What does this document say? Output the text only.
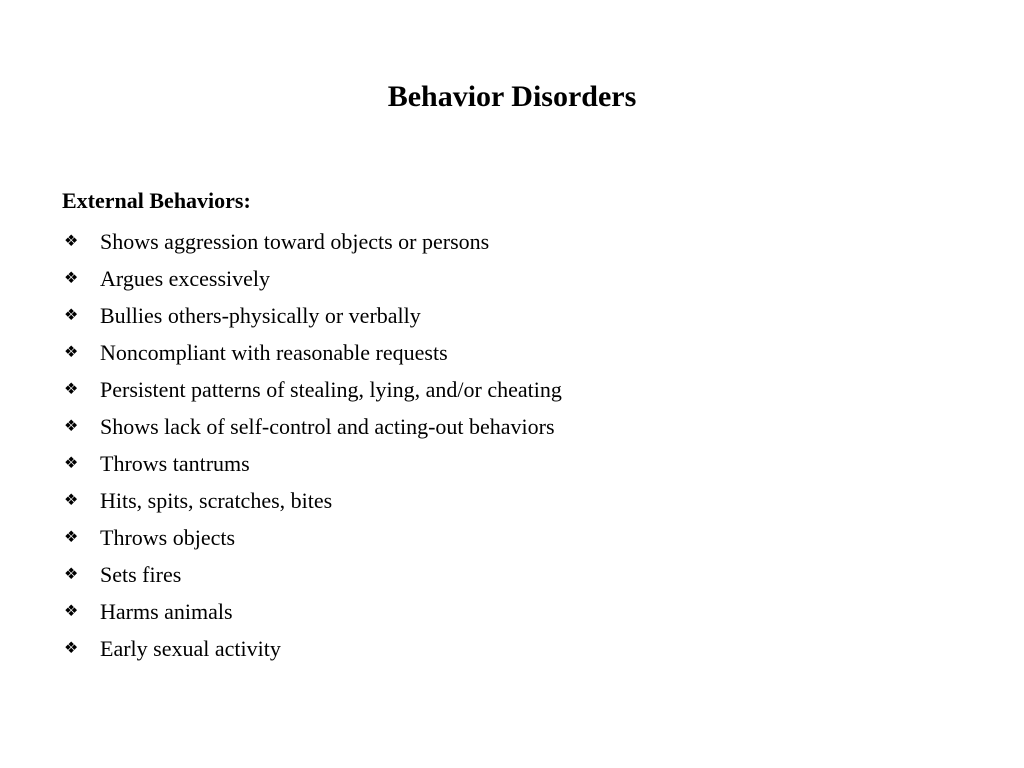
Behavior Disorders
External Behaviors:
❖ Shows aggression toward objects or persons
❖ Argues excessively
❖ Bullies others-physically or verbally
❖ Noncompliant with reasonable requests
❖ Persistent patterns of stealing, lying, and/or cheating
❖ Shows lack of self-control and acting-out behaviors
❖ Throws tantrums
❖ Hits, spits, scratches, bites
❖ Throws objects
❖ Sets fires
❖ Harms animals
❖ Early sexual activity
